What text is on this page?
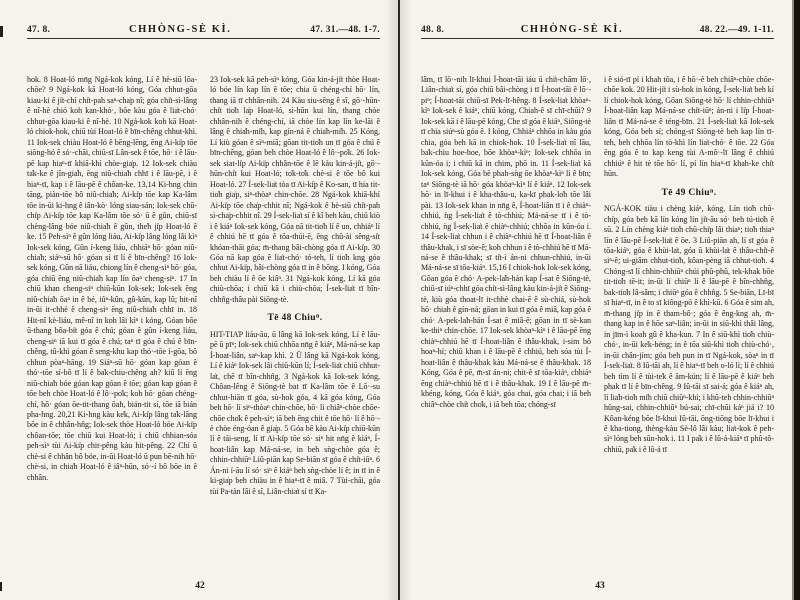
47. 8.	CHHÒNG-SÈ KÌ.	47. 31.—48. 1-7.
hok. 8 Hoat-ló mn̄g Ngá-kok kóng, Lí ê hè-siū lōa-chōe? 9 Ngá-kok kā Hoat-ló kóng, Góa chhut-gōa kiau-ki ê ji̍t-chí chi̍t-pah saⁿ-cha̍p nî; góa chi̍t-sì-lâng ê nî-hè chió koh kan-khó·, bōe kàu góa ê lia̍t-chó· chhut-gōa kiau-ki ê nî-hè. 10 Ngá-kok koh kā Hoat-ló chiok-hok, chiū tùi Hoat-ló ê bīn-chêng chhut-khì. 11 Iok-sek chiàu Hoat-ló ê bēng-lēng, ēng Ai-ki̍p tōe siōng-hó ê só·-chāi, chiū-sī Lân-sek ê tōe, hō· i ê lāu-pē kap hiaⁿ-tī khiā-khí chòe-gia̍p. 12 Iok-sek chiàu ta̍k-ke ê jîn-gia̍h, ēng niû-chia̍h chhī i ê lāu-pē, i ê hiaⁿ-tī, kap i ê lāu-pē ê chôan-ke. 13,14 Ki-hng chin tāng, piàn-tōe bô niû-chia̍h; Ai-ki̍p tōe kap Ka-lâm tōe in-ūi ki-hng ê iân-kò· lóng siau-sán; Iok-sek chū-chi̍p Ai-ki̍p tōe kap Ka-lâm tōe só· ū ê gûn, chiū-sī chèng-lâng bóe niû-chia̍h ê gûn, the̍h ji̍p Hoat-ló ê ke. 15 Peh-sìⁿ ê gûn lóng liáu, Ai-ki̍p lâng lóng lâi kìⁿ Iok-sek kóng, Gûn í-keng liáu, chhiáⁿ hō· góan niû-chia̍h; siáⁿ-sū hō· góan sí tī lí ê bīn-chêng? 16 Iok-sek kóng, Gûn nā liáu, chiong lín ê cheng-siⁿ hō· góa, góa chiū ēng niû-chia̍h kap lín ōaⁿ cheng-siⁿ. 17 In chiū khan cheng-siⁿ chiū-kūn Iok-sek; Iok-sek ēng niû-chia̍h ōaⁿ in ê bé, iûⁿ-kûn, gû-kûn, kap lû; hit-nî in-ūi it-chhè ê cheng-siⁿ ēng niû-chia̍h chhī in. 18 Hit-nî kè-liáu, mê-nî in koh lâi kìⁿ i kóng, Góan bōe ū-thang bôa-bi̍t góa ê chú; góan ê gûn í-keng liáu, cheng-siⁿ iā kui tī góa ê chú; taⁿ tī góa ê chú ê bīn-chêng, tû-khì góan ê seng-khu kap thó·-tōe í-gōa, bô chhun pòaⁿ-hāng. 19 Siáⁿ-sū hō· góan kap góan ê thó·-tōe sí-bô tī lí ê ba̍k-chiu-chêng ah? kiû lí ēng niû-chia̍h bóe góan kap góan ê tōe; góan kap góan ê tōe beh chòe Hoat-ló ê lô·-po̍k; koh hō· góan chéng-chí, hō· góan ōe-tit-thang ōah, bián-tit sí, tōe iā bián pha-hng. 20,21 Ki-hng kàu ke̍k, Ai-ki̍p lâng ta̍k-lâng bōe in ê chhân-hn̂g; Iok-sek thòe Hoat-ló bóe Ai-ki̍p chôan-tōe; tōe chiū kui Hoat-ló; i chiū chhian-sóa peh-sìⁿ tùi Ai-ki̍p chit-pêng kàu hit-pêng. 22 Chí ū chè-si ê chhân bô bóe, in-ūi Hoat-ló ū pun bē-nih hō· chè-si, in chia̍h Hoat-ló ê iâⁿ-hūn, só·-í bô bōe in ê chhân.
23 Iok-sek kā peh-sìⁿ kóng, Góa kin-á-ji̍t thòe Hoat-ló bóe lín kap lín ê tōe; chia ū chéng-chí hō· lín, thang iā tī chhân-nih. 24 Kàu siu-sêng ê sî, gō·-hūn-chi̍t tio̍h la̍p Hoat-ló, sì-hūn kui lín, thang chòe chhân-nih ê chéng-chí, iā chòe lín kap lín ke-lāi ê lâng ê chia̍h-mi̍h, kap gín-ná ê chia̍h-mi̍h. 25 Kóng, Lí kiù góan ê sìⁿ-miā; gōan tit-tio̍h un tī góa ê chú ê bīn-chêng, góan beh chòe Hoat-ló ê lô·-po̍k. 26 Iok-sek siat-li̍p Ai-ki̍p chhân-tōe ê lē kàu kin-á-ji̍t, gō·-hūn-chi̍t kui Hoat-ló; to̍k-to̍k chè-si ê tōe bô kui Hoat-ló. 27 Í-sek-lia̍t tòa tī Ai-ki̍p ê Ko-san, tī hia tit-tio̍h gia̍p, siⁿ-thòaⁿ chin-chōe. 28 Ngá-kok khiā-khí Ai-ki̍p tōe cha̍p-chhit nî; Ngá-kok ê hè-siū chi̍t-pah sì-cha̍p-chhit nî. 29 Í-sek-lia̍t sí ê kî beh kàu, chiū kiò i ê kiáⁿ Iok-sek kóng, Góa nā tit-tio̍h lí ê un, chhiáⁿ lí ê chhiú hē tī góa ê tōa-thúi-ē, ēng chû-ài sêng-si̍t khóan-thāi góa; m̄-thang bâi-chòng góa tī Ai-ki̍p. 30 Góa nā kap góa ê lia̍t-chó· tó-teh, lí tio̍h kng góa chhut Ai-ki̍p, bâi-chòng góa tī in ê bōng. I kóng, Góa beh chiàu lí ê ōe kiâⁿ. 31 Ngá-kok kóng, Lí kā góa chiù-chōa; i chiū kā i chiù-chōa; Í-sek-lia̍t tī bîn-chhn̂g-thâu pài Siōng-tè.
Tē 48 Chiuⁿ.
HIT-TIA̍P liáu-āu, ū lâng kā Iok-sek kóng, Lí ê lāu-pē ū pīⁿ; Iok-sek chiū chhōa nn̄g ê kiáⁿ, Má-ná-se kap Í-hoat-liân, saⁿ-kap khì. 2 Ū lâng kā Ngá-kok kóng, Lí ê kiáⁿ Iok-sek lâi chiū-kūn lí; Í-sek-lia̍t chiū chhut-la̍t, chē tī bîn-chhn̂g. 3 Ngá-kok kā Iok-sek kóng, Chôan-lêng ê Siōng-tè bat tī Ka-lâm tōe ê Lō·-su chhut-hiān tī góa, sù-hok góa, 4 kā góa kóng, Góa beh hō· lí siⁿ-thòaⁿ chin-chōe, hō· lí chiâⁿ-chòe chōe-chōe cho̍k ê peh-sìⁿ; iā beh ēng chit ê tōe hō· lí ê hō·-è chòe éng-óan ê gia̍p. 5 Góa bē kàu Ai-ki̍p chiū-kūn lí ê tāi-seng, lí tī Ai-ki̍p tōe só· siⁿ hit nn̄g ê kiáⁿ, Í-hoat-liân kap Má-ná-se, in beh sǹg-chòe góa ê; chhin-chhiūⁿ Liû-piān kap Se-biān sī góa ê chi̍t-iūⁿ. 6 Án-ni í-āu lí só· siⁿ ê kiáⁿ beh sǹg-chòe lí ê; in tī in ê ki-gia̍p beh chiàu in ê hiaⁿ-tī ê miâ. 7 Tùi-chāi, góa tùi Pa-tàn lâi ê sî, Liân-chia̍t sí tī Ka-
42
48. 8.	CHHÒNG-SÈ KÌ.	48. 22.—49. 1-11.
lâm, tī lō·-nih lī-khui Í-hoat-tāi iáu ū chi̍t-chām lō·, Liân-chia̍t sí, góa chiū bâi-chòng i tī Í-hoat-tāi ê lō·-piⁿ; Í-hoat-tāi chiū-sī Pek-lī-hêng. 8 Í-sek-lia̍t khòaⁿ-kìⁿ Iok-sek ê kiáⁿ, chiū kóng, Chiah-ê sī chī-chūi? 9 Iok-sek kā i ê lāu-pē kóng, Che sī góa ê kiáⁿ, Siōng-tè tī chia siúⁿ-sù góa ê. I kóng, Chhiáⁿ chhōa in kàu góa chia, góa beh kā in chiok-hok. 10 Í-sek-lia̍t nî lāu, ba̍k-chiu hoe-hoe, bōe khòaⁿ-kìⁿ; Iok-sek chhōa in kūn-óa i; i chiū kā in chim, phō in. 11 Í-sek-lia̍t kā Iok-sek kóng, Góa bē phah-sǹg ōe khòaⁿ-kìⁿ lí ê bīn; taⁿ Siōng-tè iā hō· góa khòaⁿ-kìⁿ lí ê kiáⁿ. 12 Iok-sek hō· in lī-khui i ê kha-thâu-u, ka-kī phak-lo̍h tōe lâi pài. 13 Iok-sek khan in nn̄g ê, Í-hoat-liân tī i ê chiàⁿ-chhiú, ǹg Í-sek-lia̍t ê tò-chhiú; Má-ná-se tī i ê tò-chhiú, ǹg Í-sek-lia̍t ê chiàⁿ-chhiú; chhōa in kūn-óa i. 14 Í-sek-lia̍t chhun i ê chiàⁿ-chhiú hē tī Í-hoat-liân ê thâu-khak, i sī sòe-ê; koh chhun i ê tò-chhiú hē tī Má-ná-se ê thâu-khak; sī ti̍t-ì án-ni chhun-chhiú, in-ūi Má-ná-se sī tōa-kiáⁿ. 15,16 I chiok-hok Iok-sek kóng, Gōan góa ê chó· A-pek-la̍h-hán kap Í-sat ê Siōng-tè, chiū-sī iúⁿ-chhī góa chi̍t-sì-lâng kàu kin-á-ji̍t ê Siōng-tè, kiù góa thoat-lī it-chhè chai-ē ê sù-chiá, sù-hok hō· chiah ê gín-ná; gōan in kui tī góa ê miâ, kap góa ê chó· A-pek-la̍h-hán Í-sat ê miâ-ē; gōan in tī sè-kan ke-thiⁿ chin-chōe. 17 Iok-sek khòaⁿ-kìⁿ i ê lāu-pē ēng chiàⁿ-chhiú hē tī Í-hoat-liân ê thâu-khak, i-sim bô hoaⁿ-hí; chiū khan i ê lāu-pē ê chhiú, beh sóa tùi Í-hoat-liân ê thâu-khak kàu Má-ná-se ê thâu-khak. 18 Kóng, Góa ê pē, m̄-sī án-ni; chit-ê sī tōa-kiáⁿ, chhiáⁿ ēng chiàⁿ-chhiú hē tī i ê thâu-khak. 19 I ê lāu-pē m̄-khéng, kóng, Góa ê kiáⁿ, góa chai, góa chai; i iā beh chiâⁿ-chòe chi̍t cho̍k, i iā beh tōa; chóng-sī
i ê sió-tī pí i khah tōa, i ê hō·-è beh chiâⁿ-chòe chōe-chōe kok. 20 Hit-ji̍t i sù-hok in kóng, Í-sek-lia̍t beh kí lí chiok-hok kóng, Gōan Siōng-tè hō· lí chhin-chhiūⁿ Í-hoat-liân kap Má-ná-se chi̍t-iūⁿ; án-ni i li̍p Í-hoat-liân tī Má-ná-se ê téng-bīn. 21 Í-sek-lia̍t kā Iok-sek kóng, Góa beh sí; chóng-sī Siōng-tè beh kap lín tī-teh, beh chhōa lín tò-khì lín lia̍t-chó· ê tōe. 22 Góa ēng góa ê to kap keng tùi A-mô·-lī lâng ê chhiú chhiúⁿ ê hit tè tōe hō· lí, pí lín hiaⁿ-tī khah-ke chi̍t hūn.
Tē 49 Chiuⁿ.
NGÁ-KOK tiàu i chèng kiáⁿ, kóng, Lín tio̍h chū-chi̍p, góa beh kā lín kóng lín ji̍t-āu só· beh tú-tio̍h ê sū. 2 Lín chèng kiáⁿ tio̍h chū-chi̍p lâi thiaⁿ; tio̍h thiaⁿ lín ê lāu-pē Í-sek-lia̍t ê ōe. 3 Liû-piān ah, lí sī góa ê tōa-kiáⁿ, góa ê khùi-la̍t, góa ū khùi-la̍t ê thâu-chi̍t-ê siⁿ-ê; ui-giâm chhut-tio̍h, kôan-pèng iā chhut-tio̍h. 4 Chóng-sī lí chhin-chhiūⁿ chúi phû-phû, tek-khak bōe tit-tio̍h tē-it; in-ūi lí chiūⁿ lí ê lāu-pē ê bîn-chhn̂g, bak-tio̍h lâ-sâm; i chiūⁿ góa ê chhn̂g. 5 Se-biān, Lī-bī sī hiaⁿ-tī, in ê to sī kiông-pō ê khì-kū. 6 Góa ê sim ah, m̄-thang ji̍p in ê tham-bô·; góa ê êng-kng ah, m̄-thang kap in ê hōe saⁿ-liân; in-ūi in siū-khì thâi lâng, in jīm-ì koah gû ê kha-kun. 7 In ê siū-khì tio̍h chiù-chó·, in-ūi ke̍k-béng; in ê tōa siū-khì tio̍h chiù-chó·, in-ūi chân-jím; góa beh pun in tī Ngá-kok, sòaⁿ in tī Í-sek-lia̍t. 8 Iû-tāi ah, lí ê hiaⁿ-tī beh o-ló lí; lí ê chhiú beh tìm lí ê tùi-te̍k ê ām-kún; lí ê lāu-pē ê kiáⁿ beh phak tī lí ê bīn-chêng. 9 Iû-tāi sī sai-á; góa ê kiáⁿ ah, lí lia̍h-tio̍h mi̍h chiū chiūⁿ-khì; i khû-teh chhin-chhiūⁿ hûng-sai, chhin-chhiūⁿ bú-sai; chī-chūi káⁿ jiá i? 10 Kôan-kéng bōe lī-khui Iû-tāi, ōng-tiōng bōe lī-khui i ê kha-tiong, thèng-kàu Sè-lô lâi kàu; lia̍t-kok ê peh-sìⁿ lóng beh sūn-ho̍k i. 11 I pa̍k i ê lû-á-kiáⁿ tī phû-tô-chhiū, pa̍k i ê lû-á tī
43
